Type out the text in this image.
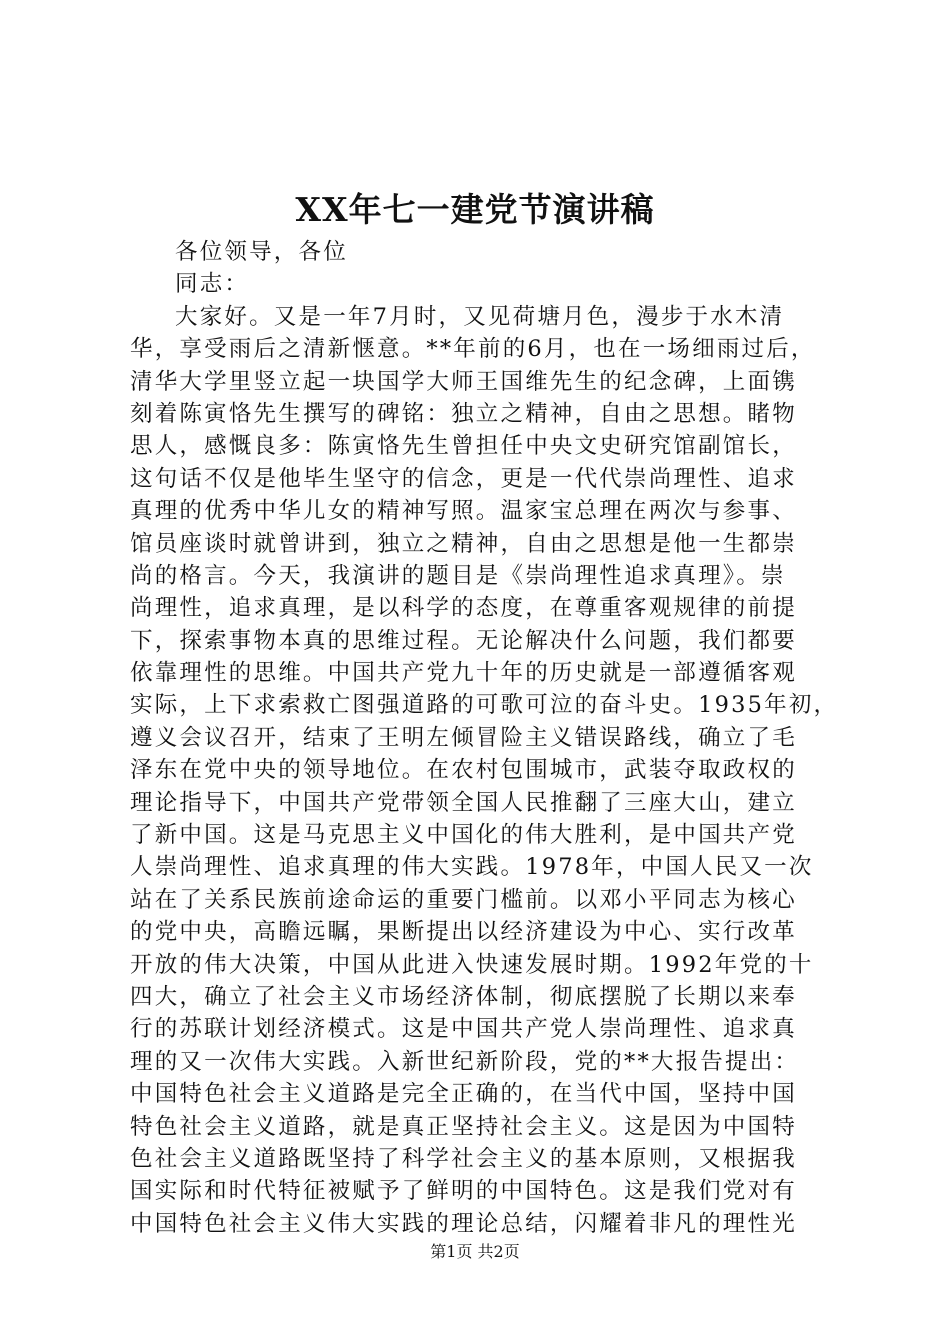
XX年七一建党节演讲稿
各位领导，各位
同志：
大家好。又是一年7月时，又见荷塘月色，漫步于水木清
华，享受雨后之清新惬意。**年前的6月，也在一场细雨过后，
清华大学里竖立起一块国学大师王国维先生的纪念碑，上面镌
刻着陈寅恪先生撰写的碑铭：独立之精神，自由之思想。睹物
思人，感慨良多：陈寅恪先生曾担任中央文史研究馆副馆长，
这句话不仅是他毕生坚守的信念，更是一代代崇尚理性、追求
真理的优秀中华儿女的精神写照。温家宝总理在两次与参事、
馆员座谈时就曾讲到，独立之精神，自由之思想是他一生都崇
尚的格言。今天，我演讲的题目是《崇尚理性追求真理》。崇
尚理性，追求真理，是以科学的态度，在尊重客观规律的前提
下，探索事物本真的思维过程。无论解决什么问题，我们都要
依靠理性的思维。中国共产党九十年的历史就是一部遵循客观
实际，上下求索救亡图强道路的可歌可泣的奋斗史。1935年初，
遵义会议召开，结束了王明左倾冒险主义错误路线，确立了毛
泽东在党中央的领导地位。在农村包围城市，武装夺取政权的
理论指导下，中国共产党带领全国人民推翻了三座大山，建立
了新中国。这是马克思主义中国化的伟大胜利，是中国共产党
人崇尚理性、追求真理的伟大实践。1978年，中国人民又一次
站在了关系民族前途命运的重要门槛前。以邓小平同志为核心
的党中央，高瞻远瞩，果断提出以经济建设为中心、实行改革
开放的伟大决策，中国从此进入快速发展时期。1992年党的十
四大，确立了社会主义市场经济体制，彻底摆脱了长期以来奉
行的苏联计划经济模式。这是中国共产党人崇尚理性、追求真
理的又一次伟大实践。入新世纪新阶段，党的**大报告提出：
中国特色社会主义道路是完全正确的，在当代中国，坚持中国
特色社会主义道路，就是真正坚持社会主义。这是因为中国特
色社会主义道路既坚持了科学社会主义的基本原则，又根据我
国实际和时代特征被赋予了鲜明的中国特色。这是我们党对有
中国特色社会主义伟大实践的理论总结，闪耀着非凡的理性光
第1页 共2页
